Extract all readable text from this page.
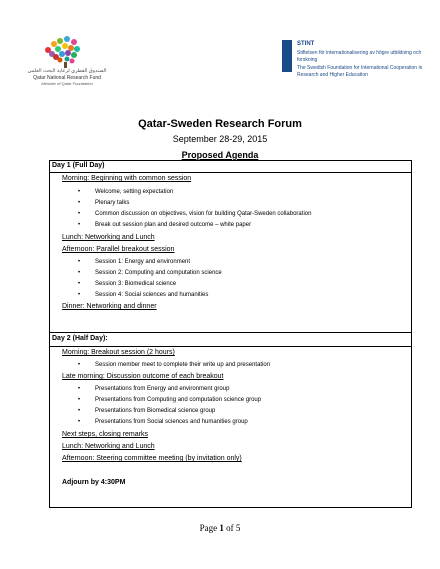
الصندوق القطري لرعاية البحث العلمي
Qatar National Research Fund
Member of Qatar Foundation
STINT
Stiftelsen för internationalisering av högre utbildning och forskning
The Swedish Foundation for International Cooperation in Research and Higher Education
Qatar-Sweden Research Forum
September 28-29, 2015
Proposed Agenda
Day 1 (Full Day)
Morning: Beginning with common session
• Welcome, setting expectation
• Plenary talks
• Common discussion on objectives, vision for building Qatar-Sweden collaboration
• Break out session plan and desired outcome – white paper
Lunch: Networking and Lunch
Afternoon: Parallel breakout session
• Session 1: Energy and environment
• Session 2: Computing and computation science
• Session 3: Biomedical science
• Session 4: Social sciences and humanities
Dinner: Networking and dinner
Day 2 (Half Day):
Morning: Breakout session (2 hours)
• Session member meet to complete their write up and presentation
Late morning: Discussion outcome of each breakout
• Presentations from Energy and environment group
• Presentations from Computing and computation science group
• Presentations from Biomedical science group
• Presentations from Social sciences and humanities group
Next steps, closing remarks
Lunch: Networking and Lunch
Afternoon: Steering committee meeting (by invitation only)
Adjourn by 4:30PM
Page 1 of 5
